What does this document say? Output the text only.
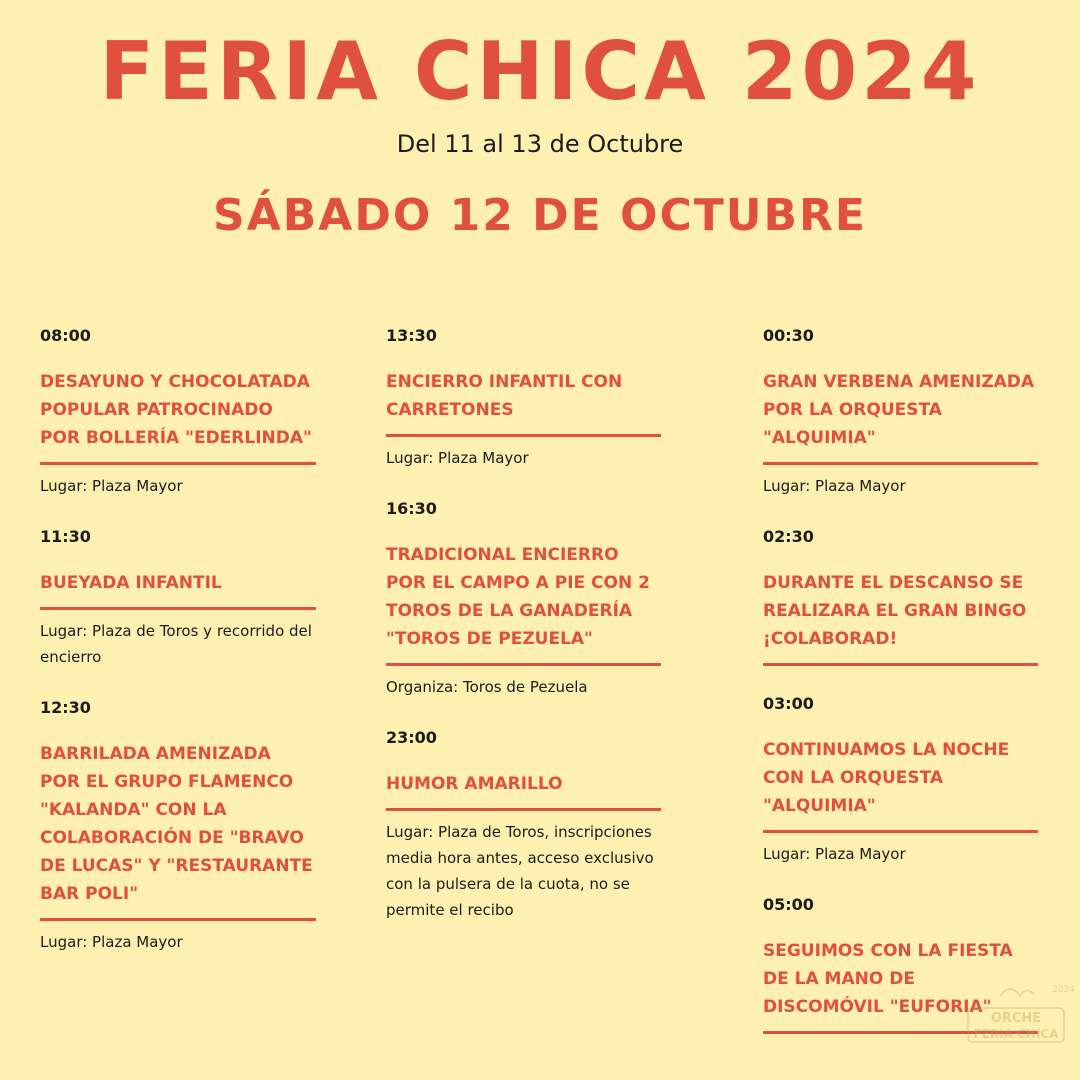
FERIA CHICA 2024
Del 11 al 13 de Octubre
SÁBADO 12 DE OCTUBRE
08:00
DESAYUNO Y CHOCOLATADA POPULAR PATROCINADO POR BOLLERÍA "EDERLINDA"
Lugar: Plaza Mayor
11:30
BUEYADA INFANTIL
Lugar: Plaza de Toros y recorrido del encierro
12:30
BARRILADA AMENIZADA POR EL GRUPO FLAMENCO "KALANDA" CON LA COLABORACIÓN DE "BRAVO DE LUCAS" Y "RESTAURANTE BAR POLI"
Lugar: Plaza Mayor
13:30
ENCIERRO INFANTIL CON CARRETONES
Lugar: Plaza Mayor
16:30
TRADICIONAL ENCIERRO POR EL CAMPO A PIE CON 2 TOROS DE LA GANADERÍA "TOROS DE PEZUELA"
Organiza: Toros de Pezuela
23:00
HUMOR AMARILLO
Lugar: Plaza de Toros, inscripciones media hora antes, acceso exclusivo con la pulsera de la cuota, no se permite el recibo
00:30
GRAN VERBENA AMENIZADA POR LA ORQUESTA "ALQUIMIA"
Lugar: Plaza Mayor
02:30
DURANTE EL DESCANSO SE REALIZARA EL GRAN BINGO ¡COLABORAD!
03:00
CONTINUAMOS LA NOCHE CON LA ORQUESTA "ALQUIMIA"
Lugar: Plaza Mayor
05:00
SEGUIMOS CON LA FIESTA DE LA MANO DE DISCOMÓVIL "EUFORIA"
2024
ORCHE
FERIA CHICA
